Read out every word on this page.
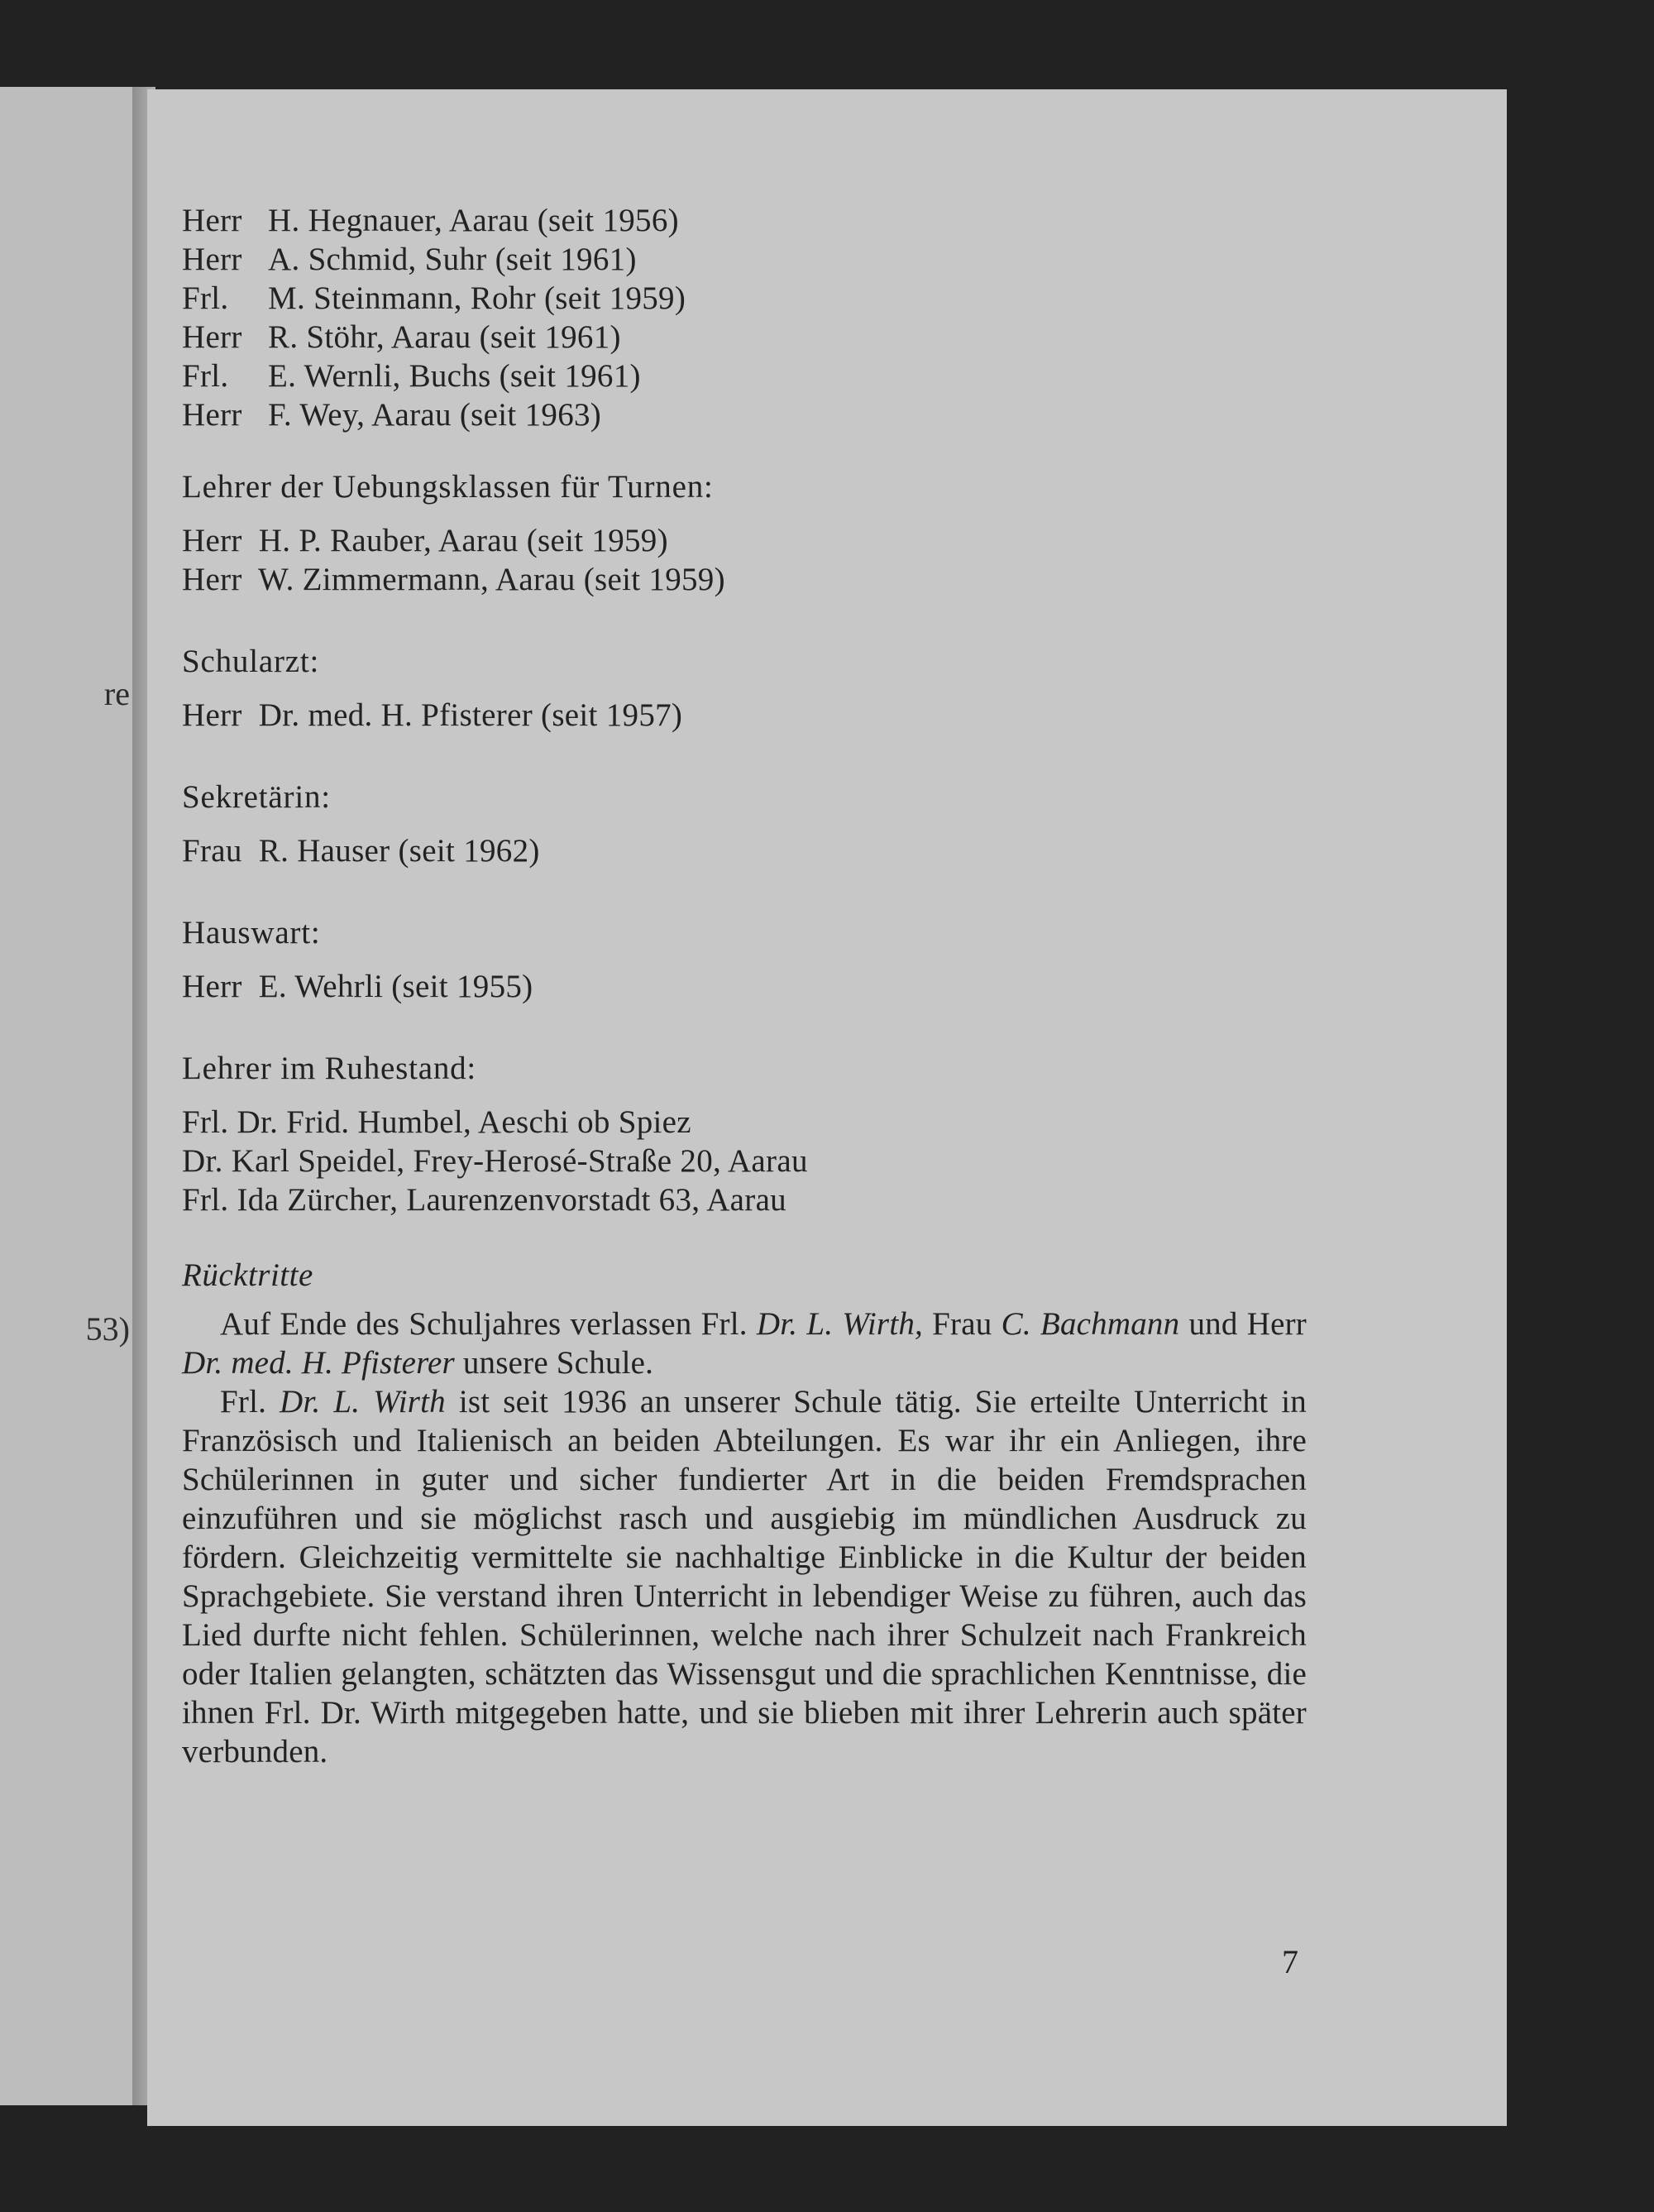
re
53)
Herr H. Hegnauer, Aarau (seit 1956)
Herr A. Schmid, Suhr (seit 1961)
Frl. M. Steinmann, Rohr (seit 1959)
Herr R. Stöhr, Aarau (seit 1961)
Frl. E. Wernli, Buchs (seit 1961)
Herr F. Wey, Aarau (seit 1963)
Lehrer der Uebungsklassen für Turnen:
Herr  H. P. Rauber, Aarau (seit 1959)
Herr  W. Zimmermann, Aarau (seit 1959)
Schularzt:
Herr  Dr. med. H. Pfisterer (seit 1957)
Sekretärin:
Frau  R. Hauser (seit 1962)
Hauswart:
Herr  E. Wehrli (seit 1955)
Lehrer im Ruhestand:
Frl. Dr. Frid. Humbel, Aeschi ob Spiez
Dr. Karl Speidel, Frey-Herosé-Straße 20, Aarau
Frl. Ida Zürcher, Laurenzenvorstadt 63, Aarau
Rücktritte

Auf Ende des Schuljahres verlassen Frl. Dr. L. Wirth, Frau C. Bachmann und Herr Dr. med. H. Pfisterer unsere Schule.

Frl. Dr. L. Wirth ist seit 1936 an unserer Schule tätig. Sie erteilte Unterricht in Französisch und Italienisch an beiden Abteilungen. Es war ihr ein Anliegen, ihre Schülerinnen in guter und sicher fundierter Art in die beiden Fremdsprachen einzuführen und sie möglichst rasch und ausgiebig im mündlichen Ausdruck zu fördern. Gleichzeitig vermittelte sie nachhaltige Einblicke in die Kultur der beiden Sprachgebiete. Sie verstand ihren Unterricht in lebendiger Weise zu führen, auch das Lied durfte nicht fehlen. Schülerinnen, welche nach ihrer Schulzeit nach Frankreich oder Italien gelangten, schätzten das Wissensgut und die sprachlichen Kenntnisse, die ihnen Frl. Dr. Wirth mitgegeben hatte, und sie blieben mit ihrer Lehrerin auch später verbunden.

7
